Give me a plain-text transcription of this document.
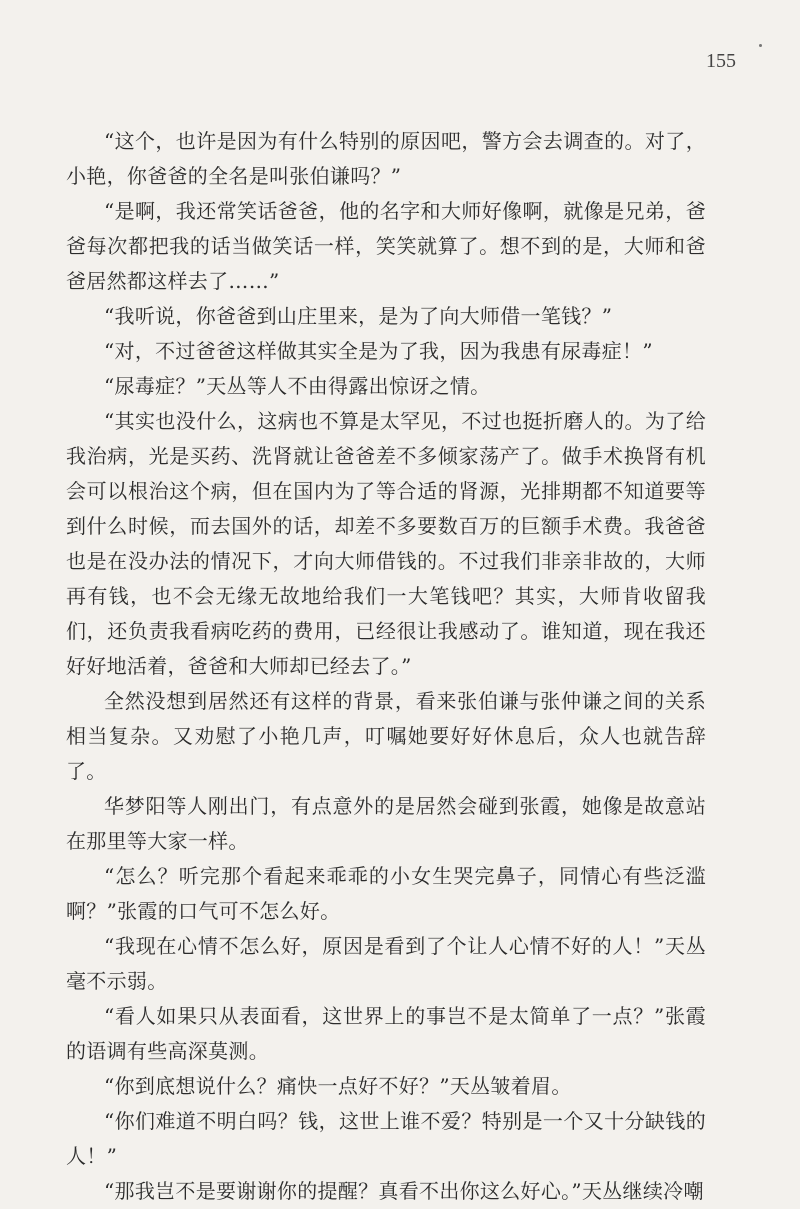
155

“这个，也许是因为有什么特别的原因吧，警方会去调查的。对了，小艳，你爸爸的全名是叫张伯谦吗？”

“是啊，我还常笑话爸爸，他的名字和大师好像啊，就像是兄弟，爸爸每次都把我的话当做笑话一样，笑笑就算了。想不到的是，大师和爸爸居然都这样去了……”

“我听说，你爸爸到山庄里来，是为了向大师借一笔钱？”

“对，不过爸爸这样做其实全是为了我，因为我患有尿毒症！”

“尿毒症？”天丛等人不由得露出惊讶之情。

“其实也没什么，这病也不算是太罕见，不过也挺折磨人的。为了给我治病，光是买药、洗肾就让爸爸差不多倾家荡产了。做手术换肾有机会可以根治这个病，但在国内为了等合适的肾源，光排期都不知道要等到什么时候，而去国外的话，却差不多要数百万的巨额手术费。我爸爸也是在没办法的情况下，才向大师借钱的。不过我们非亲非故的，大师再有钱，也不会无缘无故地给我们一大笔钱吧？其实，大师肯收留我们，还负责我看病吃药的费用，已经很让我感动了。谁知道，现在我还好好地活着，爸爸和大师却已经去了。”

全然没想到居然还有这样的背景，看来张伯谦与张仲谦之间的关系相当复杂。又劝慰了小艳几声，叮嘱她要好好休息后，众人也就告辞了。

华梦阳等人刚出门，有点意外的是居然会碰到张霞，她像是故意站在那里等大家一样。

“怎么？听完那个看起来乖乖的小女生哭完鼻子，同情心有些泛滥啊？”张霞的口气可不怎么好。

“我现在心情不怎么好，原因是看到了个让人心情不好的人！”天丛毫不示弱。

“看人如果只从表面看，这世界上的事岂不是太简单了一点？”张霞的语调有些高深莫测。

“你到底想说什么？痛快一点好不好？”天丛皱着眉。

“你们难道不明白吗？钱，这世上谁不爱？特别是一个又十分缺钱的人！”

“那我岂不是要谢谢你的提醒？真看不出你这么好心。”天丛继续冷嘲
